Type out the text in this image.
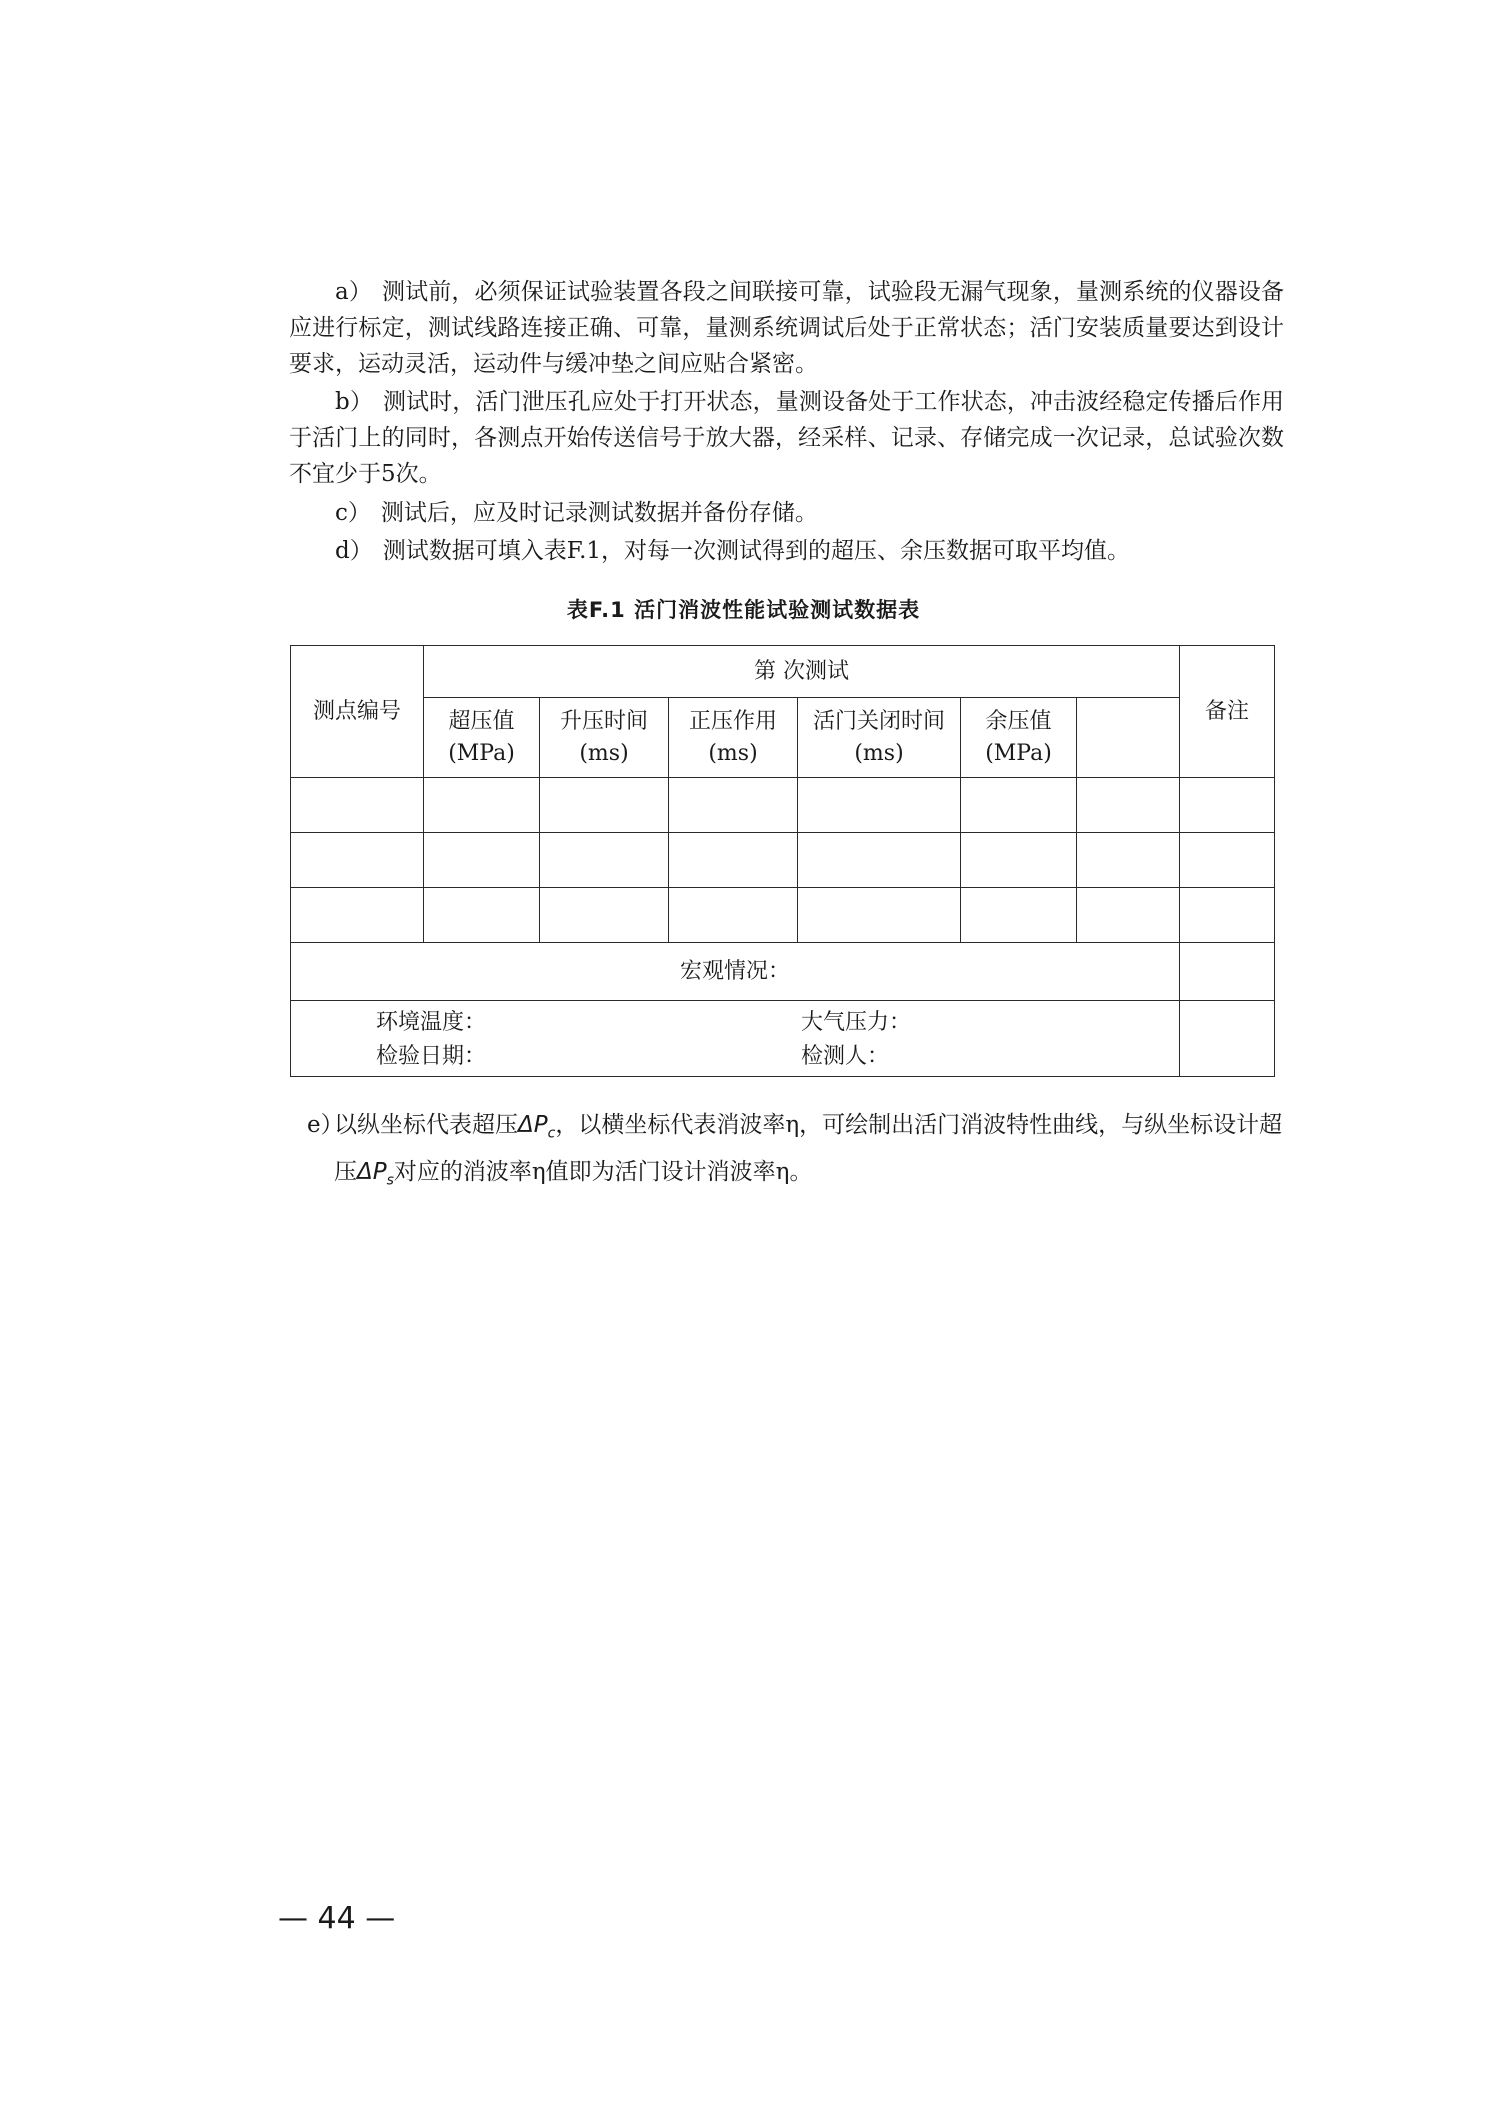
a） 测试前，必须保证试验装置各段之间联接可靠，试验段无漏气现象，量测系统的仪器设备应进行标定，测试线路连接正确、可靠，量测系统调试后处于正常状态；活门安装质量要达到设计要求，运动灵活，运动件与缓冲垫之间应贴合紧密。

b） 测试时，活门泄压孔应处于打开状态，量测设备处于工作状态，冲击波经稳定传播后作用于活门上的同时，各测点开始传送信号于放大器，经采样、记录、存储完成一次记录，总试验次数不宜少于5次。

c） 测试后，应及时记录测试数据并备份存储。

d） 测试数据可填入表F.1，对每一次测试得到的超压、余压数据可取平均值。

表F.1 活门消波性能试验测试数据表
测点编号	第 次测试						备注
	超压值(MPa)	升压时间(ms)	正压作用(ms)	活门关闭时间(ms)	余压值(MPa)		

宏观情况：							

环境温度： 大气压力：
检验日期： 检测人：							

e）
以纵坐标代表超压$\Delta P_c$，以横坐标代表消波率η，可绘制出活门消波特性曲线，与纵坐标设计超压$\Delta P_s$对应的消波率η值即为活门设计消波率η。

— 44 —
